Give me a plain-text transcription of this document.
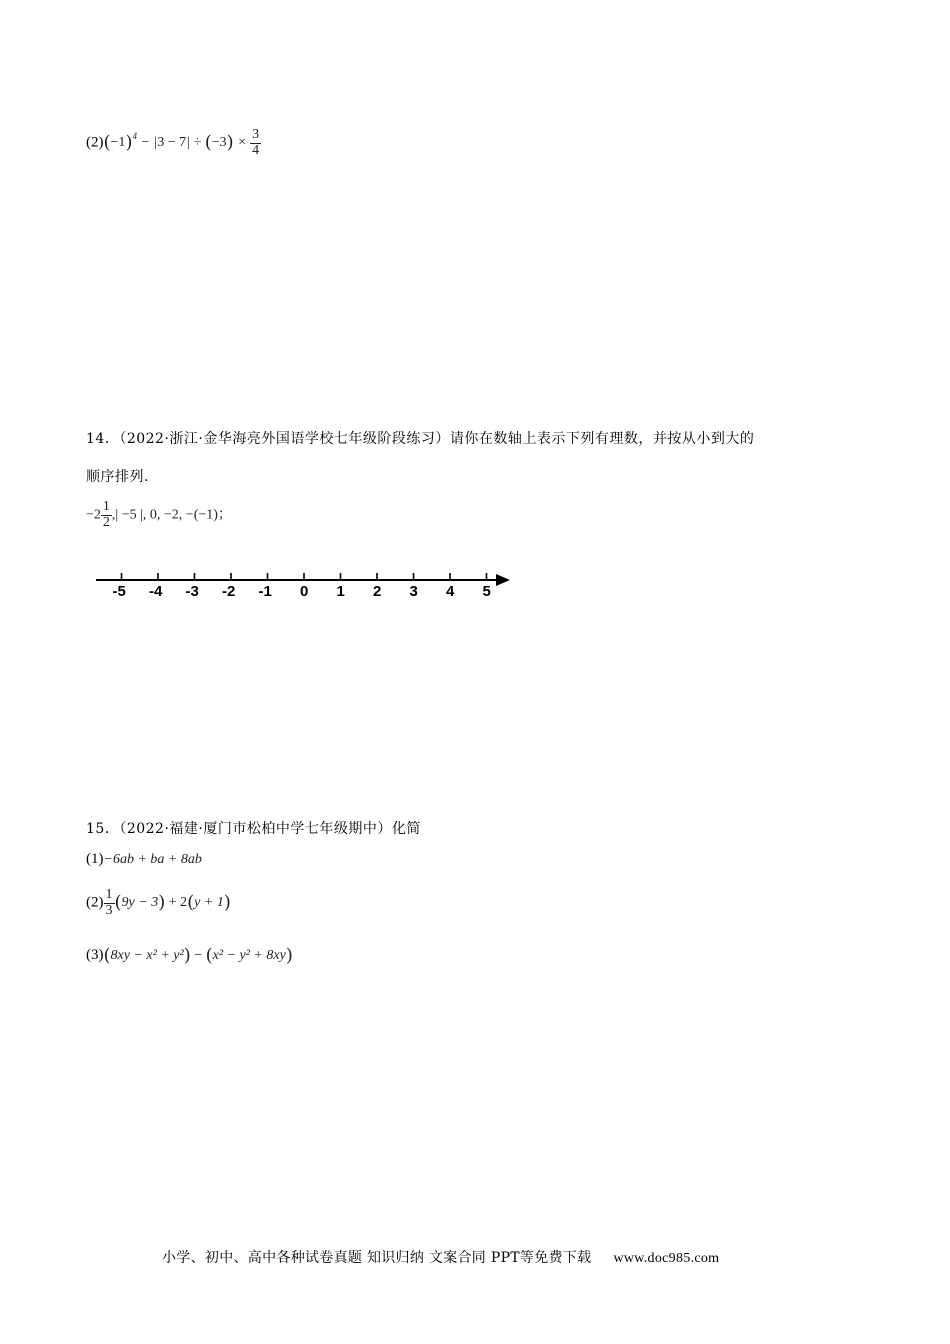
$(2)(-1)^4 - |3 - 7| \div (-3) \times \frac{3}{4}$
14．（2022·浙江·金华海亮外国语学校七年级阶段练习）请你在数轴上表示下列有理数，并按从小到大的
顺序排列．
$-2 \frac{1}{2}$ ,| −5 |, 0, −2, −(−1)；
-5 -4 -3 -2 -1 0 1 2 3 4 5
15．（2022·福建·厦门市松柏中学七年级期中）化简
(1)−6ab + ba + 8ab
$(2) \frac{1}{3} (9y - 3) + 2(y + 1)$
(3)(8xy − x² + y²) − (x² − y² + 8xy)
小学、初中、高中各种试卷真题 知识归纳 文案合同 PPT等免费下载 www.doc985.com
